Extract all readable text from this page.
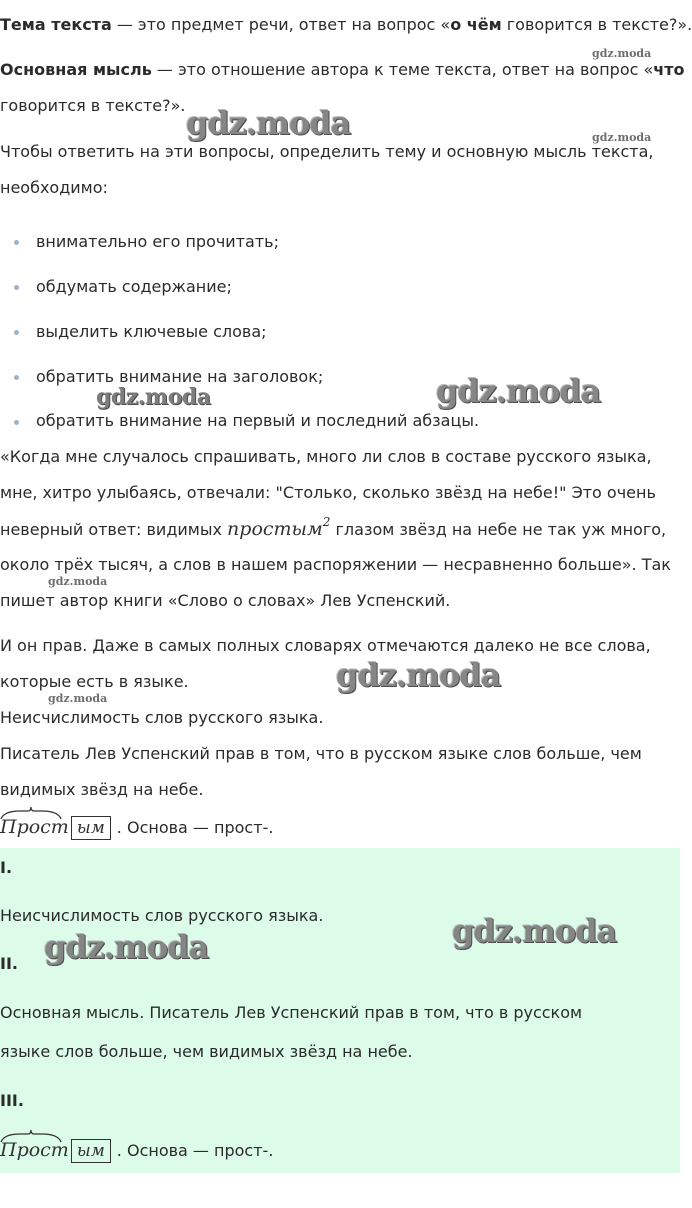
Тема текста — это предмет речи, ответ на вопрос «о чём говорится в тексте?».
Основная мысль — это отношение автора к теме текста, ответ на вопрос «что
говорится в тексте?».
Чтобы ответить на эти вопросы, определить тему и основную мысль текста,
необходимо:
внимательно его прочитать;
обдумать содержание;
выделить ключевые слова;
обратить внимание на заголовок;
обратить внимание на первый и последний абзацы.
«Когда мне случалось спрашивать, много ли слов в составе русского языка,
мне, хитро улыбаясь, отвечали: "Столько, сколько звёзд на небе!" Это очень
неверный ответ: видимых простым$^2$ глазом звёзд на небе не так уж много,
около трёх тысяч, а слов в нашем распоряжении — несравненно больше». Так
пишет автор книги «Слово о словах» Лев Успенский.
И он прав. Даже в самых полных словарях отмечаются далеко не все слова,
которые есть в языке.
Неисчислимость слов русского языка.
Писатель Лев Успенский прав в том, что в русском языке слов больше, чем
видимых звёзд на небе.
Прост ым . Основа — прост-.
I.
Неисчислимость слов русского языка.
II.
Основная мысль. Писатель Лев Успенский прав в том, что в русском
языке слов больше, чем видимых звёзд на небе.
III.
Прост ым . Основа — прост-.
gdz.moda
gdz.moda	gdz.moda
gdz.moda	gdz.moda
gdz.moda
gdz.moda
gdz.moda
gdz.moda
gdz.moda
